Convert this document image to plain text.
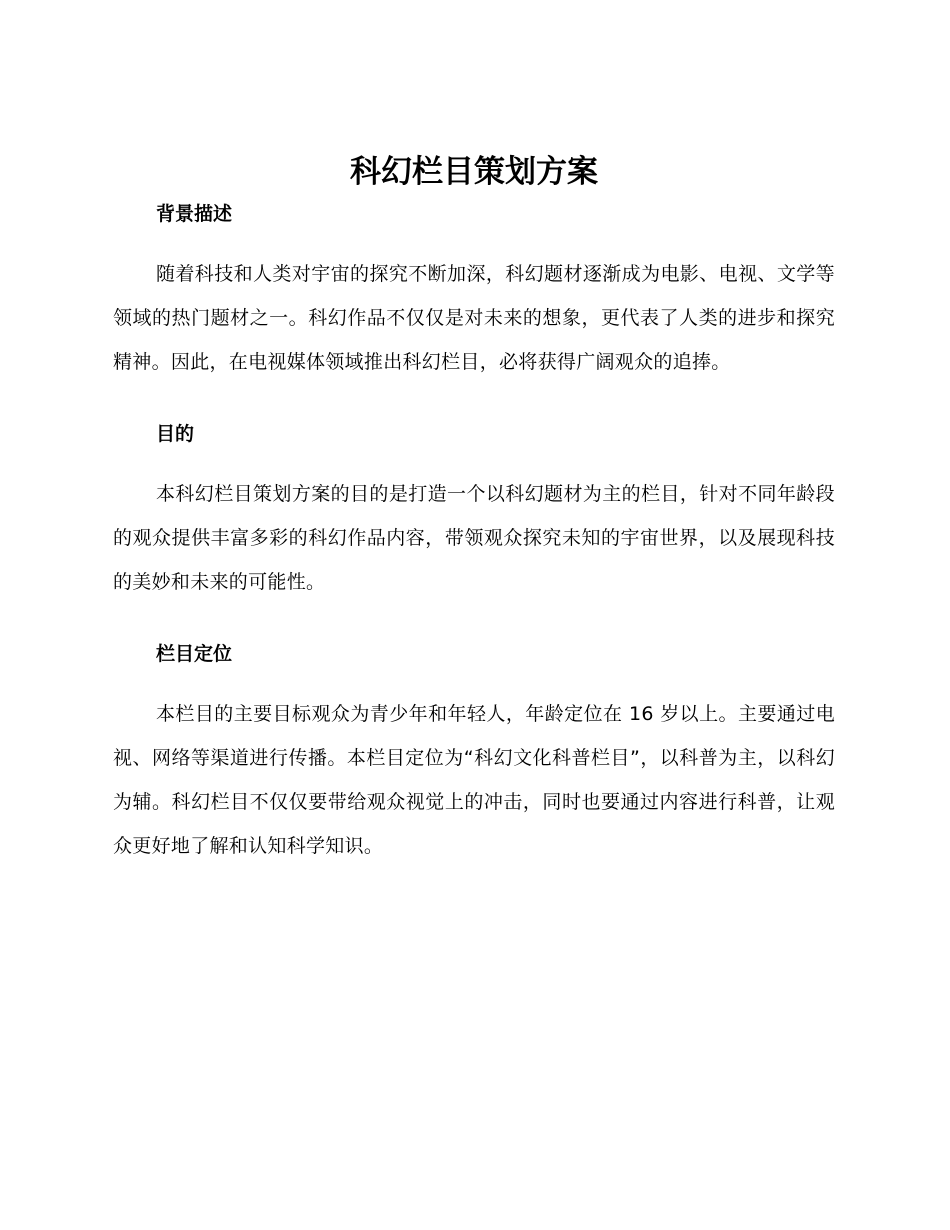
科幻栏目策划方案
背景描述

随着科技和人类对宇宙的探究不断加深，科幻题材逐渐成为电影、电视、文学等领域的热门题材之一。科幻作品不仅仅是对未来的想象，更代表了人类的进步和探究精神。因此，在电视媒体领域推出科幻栏目，必将获得广阔观众的追捧。

目的

本科幻栏目策划方案的目的是打造一个以科幻题材为主的栏目，针对不同年龄段的观众提供丰富多彩的科幻作品内容，带领观众探究未知的宇宙世界，以及展现科技的美妙和未来的可能性。

栏目定位

本栏目的主要目标观众为青少年和年轻人，年龄定位在 16 岁以上。主要通过电视、网络等渠道进行传播。本栏目定位为“科幻文化科普栏目”，以科普为主，以科幻为辅。科幻栏目不仅仅要带给观众视觉上的冲击，同时也要通过内容进行科普，让观众更好地了解和认知科学知识。
